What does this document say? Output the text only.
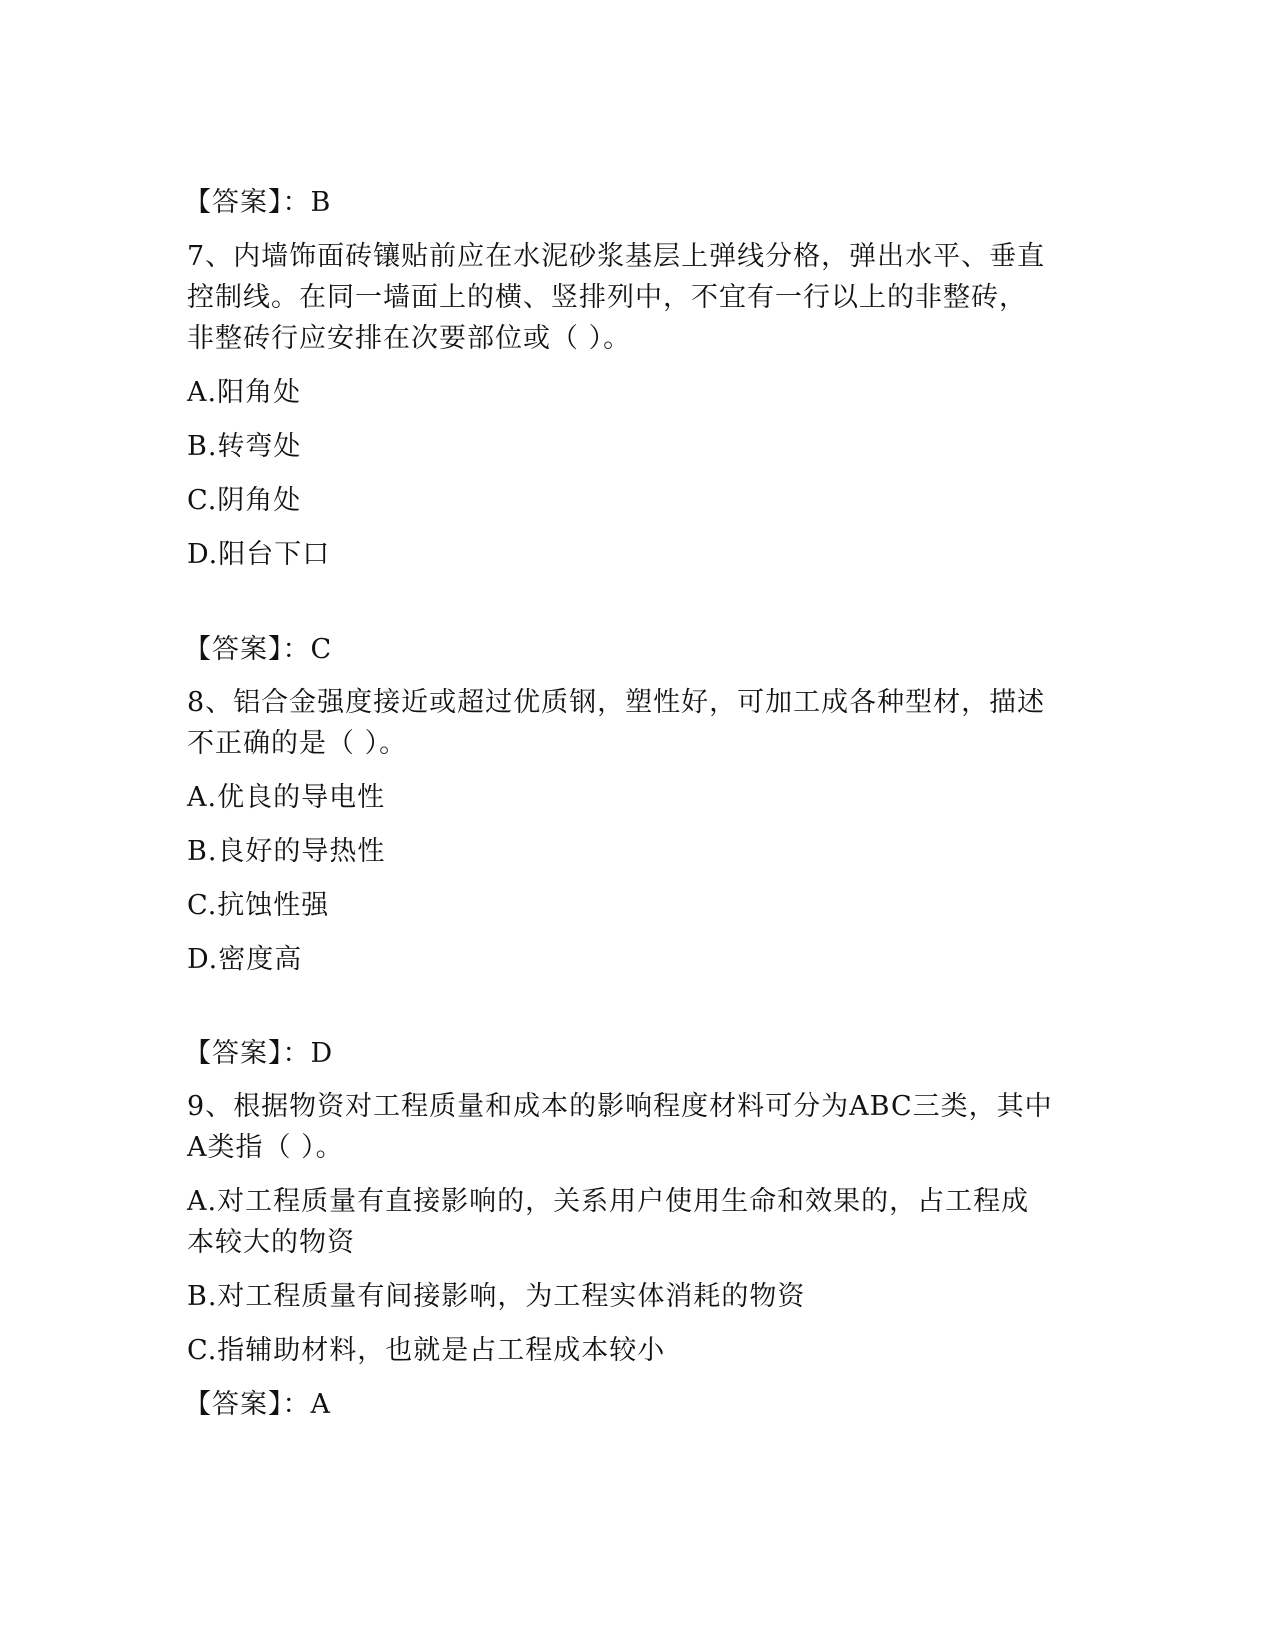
【答案】：B
7、内墙饰面砖镶贴前应在水泥砂浆基层上弹线分格，弹出水平、垂直
控制线。在同一墙面上的横、竖排列中，不宜有一行以上的非整砖，
非整砖行应安排在次要部位或（ ）。
A.阳角处
B.转弯处
C.阴角处
D.阳台下口
【答案】：C
8、铝合金强度接近或超过优质钢，塑性好，可加工成各种型材，描述
不正确的是（ ）。
A.优良的导电性
B.良好的导热性
C.抗蚀性强
D.密度高
【答案】：D
9、根据物资对工程质量和成本的影响程度材料可分为ABC三类，其中
A类指（ ）。
A.对工程质量有直接影响的，关系用户使用生命和效果的，占工程成
本较大的物资
B.对工程质量有间接影响，为工程实体消耗的物资
C.指辅助材料，也就是占工程成本较小
【答案】：A
